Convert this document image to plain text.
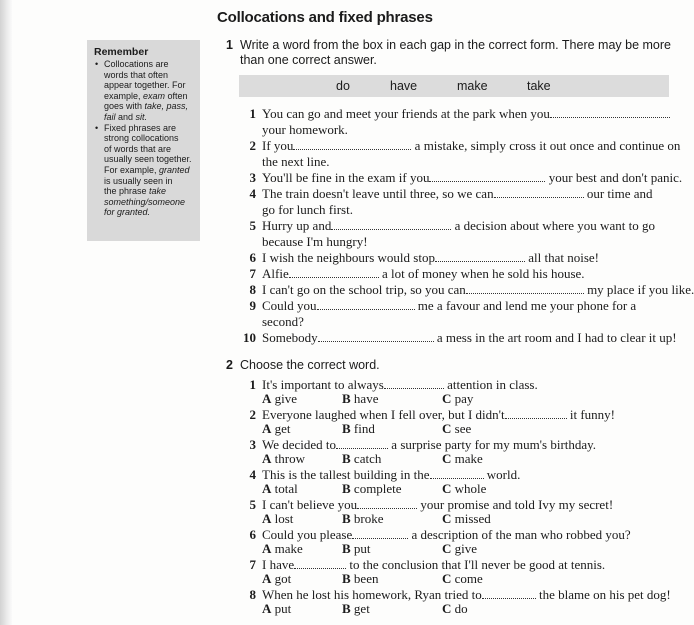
Collocations and fixed phrases
Remember
• Collocations are
words that often
appear together. For
example, exam often
goes with take, pass,
fail and sit.
• Fixed phrases are
strong collocations
of words that are
usually seen together.
For example, granted
is usually seen in
the phrase take
something/someone
for granted.
1 Write a word from the box in each gap in the correct form. There may be more
than one correct answer.
do	have	make	take
1 You can go and meet your friends at the park when you
your homework.
2 If you	a mistake, simply cross it out once and continue on
the next line.
3 You'll be fine in the exam if you	your best and don't panic.
4 The train doesn't leave until three, so we can	our time and
go for lunch first.
5 Hurry up and	a decision about where you want to go
because I'm hungry!
6 I wish the neighbours would stop	all that noise!
7 Alfie	a lot of money when he sold his house.
8 I can't go on the school trip, so you can	my place if you like.
9 Could you	me a favour and lend me your phone for a
second?
10 Somebody	a mess in the art room and I had to clear it up!
2 Choose the correct word.
1 It's important to always	attention in class.
A give	B have	C pay
2 Everyone laughed when I fell over, but I didn't	it funny!
A get	B find	C see
3 We decided to	a surprise party for my mum's birthday.
A throw	B catch	C make
4 This is the tallest building in the	world.
A total	B complete	C whole
5 I can't believe you	your promise and told Ivy my secret!
A lost	B broke	C missed
6 Could you please	a description of the man who robbed you?
A make	B put	C give
7 I have	to the conclusion that I'll never be good at tennis.
A got	B been	C come
8 When he lost his homework, Ryan tried to	the blame on his pet dog!
A put	B get	C do
